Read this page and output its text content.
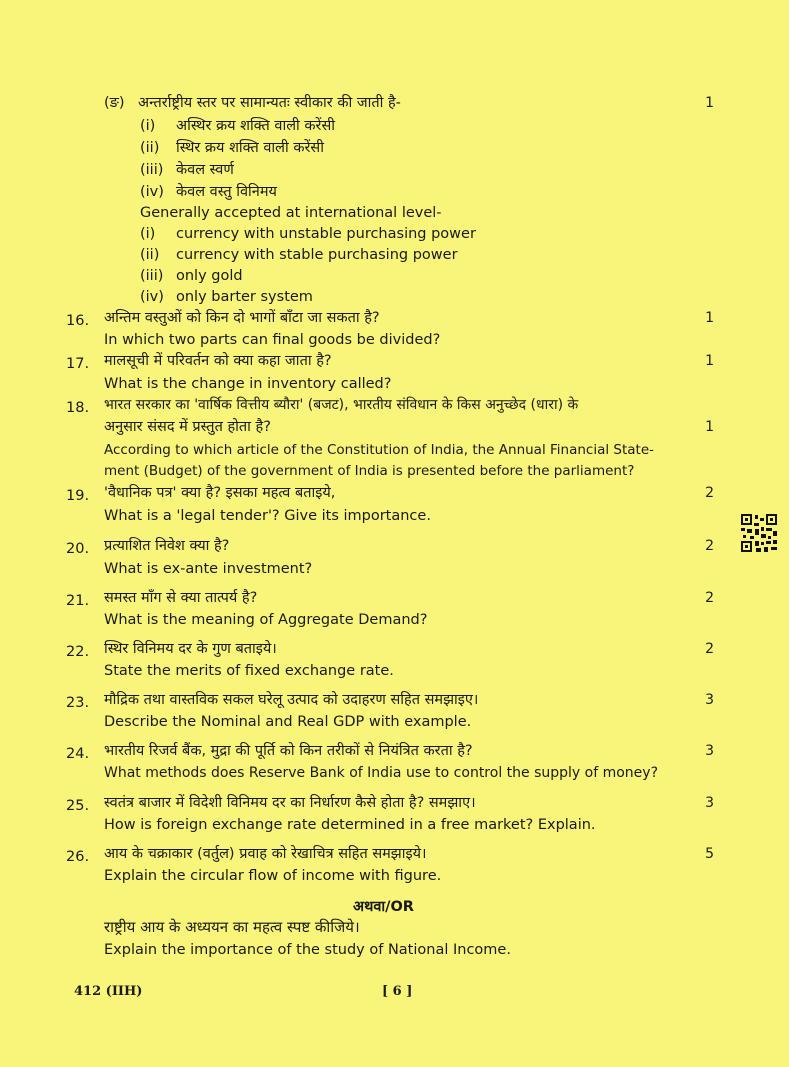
(ङ) अन्तर्राष्ट्रीय स्तर पर सामान्यतः स्वीकार की जाती है-	1
(i) अस्थिर क्रय शक्ति वाली करेंसी
(ii) स्थिर क्रय शक्ति वाली करेंसी
(iii) केवल स्वर्ण
(iv) केवल वस्तु विनिमय
Generally accepted at international level-
(i) currency with unstable purchasing power
(ii) currency with stable purchasing power
(iii) only gold
(iv) only barter system
16. अन्तिम वस्तुओं को किन दो भागों बाँटा जा सकता है?	1
In which two parts can final goods be divided?
17. मालसूची में परिवर्तन को क्या कहा जाता है?	1
What is the change in inventory called?
18. भारत सरकार का 'वार्षिक वित्तीय ब्यौरा' (बजट), भारतीय संविधान के किस अनुच्छेद (धारा) के
अनुसार संसद में प्रस्तुत होता है?	1
According to which article of the Constitution of India, the Annual Financial State-
ment (Budget) of the government of India is presented before the parliament?
19. 'वैधानिक पत्र' क्या है? इसका महत्व बताइये,	2
What is a 'legal tender'? Give its importance.
20. प्रत्याशित निवेश क्या है?	2
What is ex-ante investment?
21. समस्त माँग से क्या तात्पर्य है?	2
What is the meaning of Aggregate Demand?
22. स्थिर विनिमय दर के गुण बताइये।	2
State the merits of fixed exchange rate.
23. मौद्रिक तथा वास्तविक सकल घरेलू उत्पाद को उदाहरण सहित समझाइए।	3
Describe the Nominal and Real GDP with example.
24. भारतीय रिजर्व बैंक, मुद्रा की पूर्ति को किन तरीकों से नियंत्रित करता है?	3
What methods does Reserve Bank of India use to control the supply of money?
25. स्वतंत्र बाजार में विदेशी विनिमय दर का निर्धारण कैसे होता है? समझाए।	3
How is foreign exchange rate determined in a free market? Explain.
26. आय के चक्राकार (वर्तुल) प्रवाह को रेखाचित्र सहित समझाइये।	5
Explain the circular flow of income with figure.
अथवा/OR
राष्ट्रीय आय के अध्ययन का महत्व स्पष्ट कीजिये।
Explain the importance of the study of National Income.
412 (IIH)	[ 6 ]
